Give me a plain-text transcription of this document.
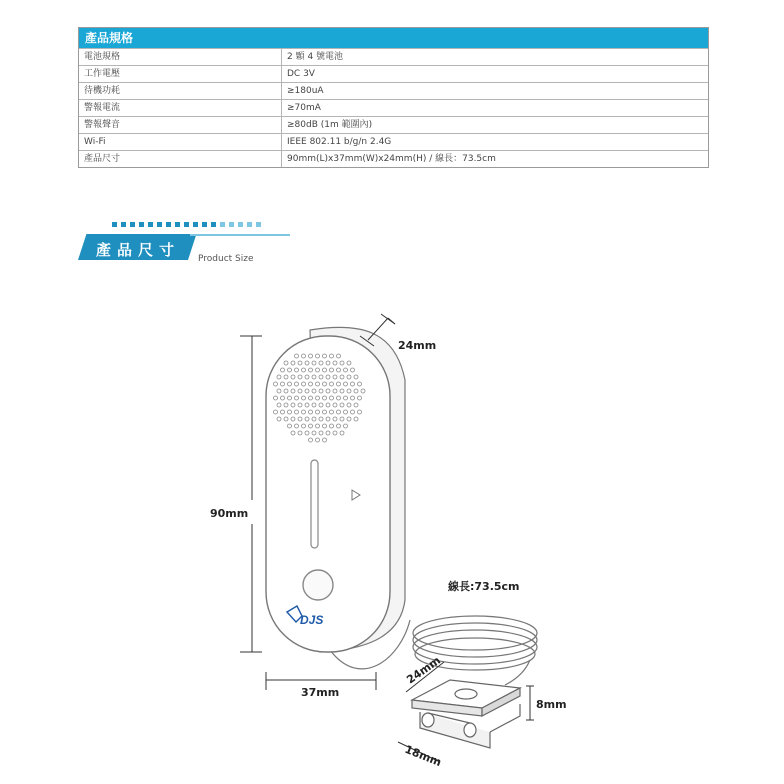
產品規格
電池規格	2 顆 4 號電池
工作電壓	DC 3V
待機功耗	≥180uA
警報電流	≥70mA
警報聲音	≥80dB (1m 範圍內)
Wi-Fi	IEEE 802.11 b/g/n 2.4G
產品尺寸	90mm(L)x37mm(W)x24mm(H) / 線長：73.5cm
產品尺寸 Product Size
DJS
24mm
90mm
37mm
線長:73.5cm
24mm
8mm
18mm
